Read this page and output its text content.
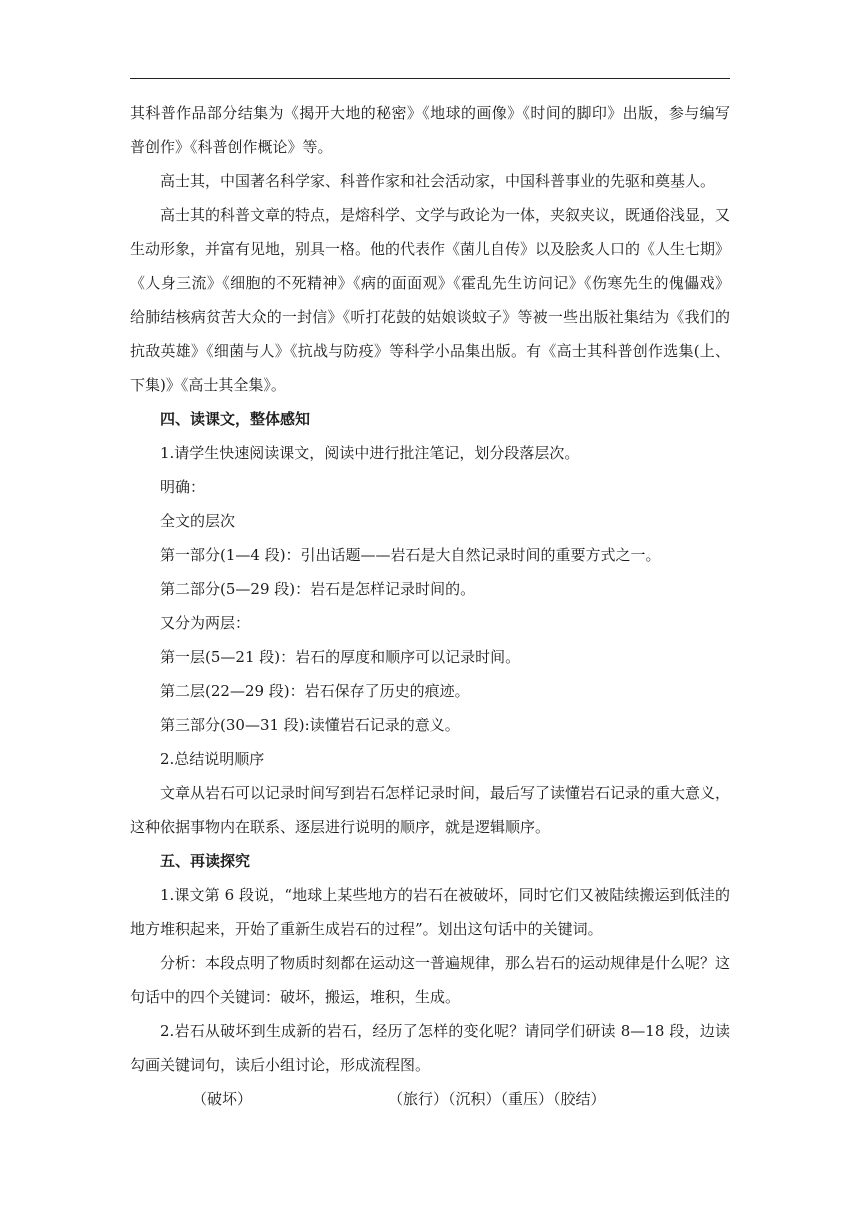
其科普作品部分结集为《揭开大地的秘密》《地球的画像》《时间的脚印》出版，参与编写
普创作》《科普创作概论》等。
高士其，中国著名科学家、科普作家和社会活动家，中国科普事业的先驱和奠基人。
高士其的科普文章的特点，是熔科学、文学与政论为一体，夹叙夹议，既通俗浅显，又
生动形象，并富有见地，别具一格。他的代表作《菌儿自传》以及脍炙人口的《人生七期》
《人身三流》《细胞的不死精神》《病的面面观》《霍乱先生访问记》《伤寒先生的傀儡戏》
给肺结核病贫苦大众的一封信》《听打花鼓的姑娘谈蚊子》等被一些出版社集结为《我们的
抗敌英雄》《细菌与人》《抗战与防疫》等科学小品集出版。有《高士其科普创作选集(上、
下集)》《高士其全集》。
四、读课文，整体感知
1.请学生快速阅读课文，阅读中进行批注笔记，划分段落层次。
明确：
全文的层次
第一部分(1—4 段)：引出话题——岩石是大自然记录时间的重要方式之一。
第二部分(5—29 段)：岩石是怎样记录时间的。
又分为两层：
第一层(5—21 段)：岩石的厚度和顺序可以记录时间。
第二层(22—29 段)：岩石保存了历史的痕迹。
第三部分(30—31 段):读懂岩石记录的意义。
2.总结说明顺序
文章从岩石可以记录时间写到岩石怎样记录时间，最后写了读懂岩石记录的重大意义，
这种依据事物内在联系、逐层进行说明的顺序，就是逻辑顺序。
五、再读探究
1.课文第 6 段说，“地球上某些地方的岩石在被破坏，同时它们又被陆续搬运到低洼的
地方堆积起来，开始了重新生成岩石的过程”。划出这句话中的关键词。
分析：本段点明了物质时刻都在运动这一普遍规律，那么岩石的运动规律是什么呢？这
句话中的四个关键词：破坏，搬运，堆积，生成。
2.岩石从破坏到生成新的岩石，经历了怎样的变化呢？请同学们研读 8—18 段，边读
勾画关键词句，读后小组讨论，形成流程图。
（破坏）	（旅行）（沉积）（重压）（胶结）
